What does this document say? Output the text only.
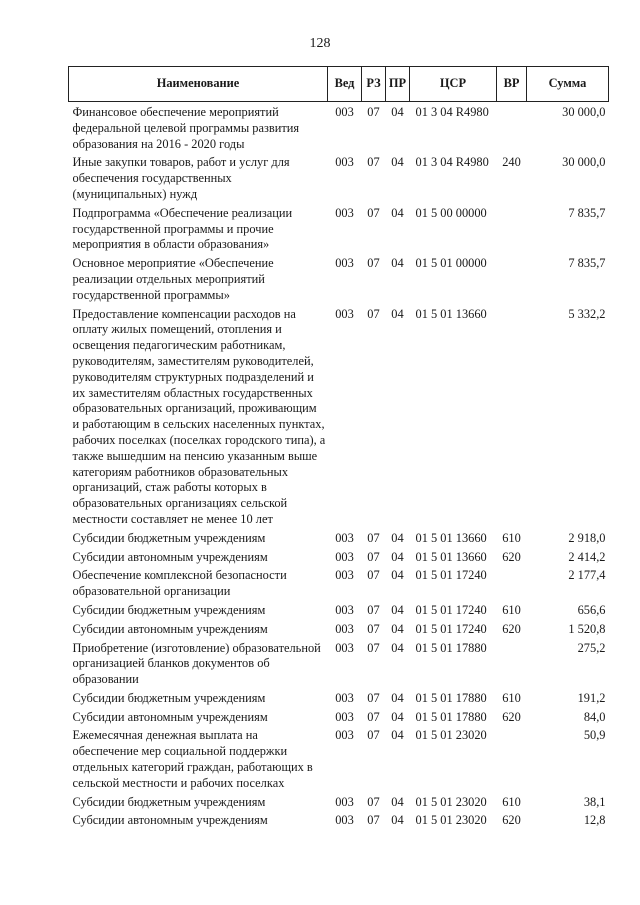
128
Наименование	Вед	РЗ	ПР	ЦСР	ВР	Сумма
Финансовое обеспечение мероприятий федеральной целевой программы развития образования на 2016 - 2020 годы	003	07	04	01 3 04 R4980		30 000,0
Иные закупки товаров, работ и услуг для обеспечения государственных (муниципальных) нужд	003	07	04	01 3 04 R4980	240	30 000,0
Подпрограмма «Обеспечение реализации государственной программы и прочие мероприятия в области образования»	003	07	04	01 5 00 00000		7 835,7
Основное мероприятие «Обеспечение реализации отдельных мероприятий государственной программы»	003	07	04	01 5 01 00000		7 835,7
Предоставление компенсации расходов на оплату жилых помещений, отопления и освещения педагогическим работникам, руководителям, заместителям руководителей, руководителям структурных подразделений и их заместителям областных государственных образовательных организаций, проживающим и работающим в сельских населенных пунктах, рабочих поселках (поселках городского типа), а также вышедшим на пенсию указанным выше категориям работников образовательных организаций, стаж работы которых в образовательных организациях сельской местности составляет не менее 10 лет	003	07	04	01 5 01 13660		5 332,2
Субсидии бюджетным учреждениям	003	07	04	01 5 01 13660	610	2 918,0
Субсидии автономным учреждениям	003	07	04	01 5 01 13660	620	2 414,2
Обеспечение комплексной безопасности образовательной организации	003	07	04	01 5 01 17240		2 177,4
Субсидии бюджетным учреждениям	003	07	04	01 5 01 17240	610	656,6
Субсидии автономным учреждениям	003	07	04	01 5 01 17240	620	1 520,8
Приобретение (изготовление) образовательной организацией бланков документов об образовании	003	07	04	01 5 01 17880		275,2
Субсидии бюджетным учреждениям	003	07	04	01 5 01 17880	610	191,2
Субсидии автономным учреждениям	003	07	04	01 5 01 17880	620	84,0
Ежемесячная денежная выплата на обеспечение мер социальной поддержки отдельных категорий граждан, работающих в сельской местности и рабочих поселках	003	07	04	01 5 01 23020		50,9
Субсидии бюджетным учреждениям	003	07	04	01 5 01 23020	610	38,1
Субсидии автономным учреждениям	003	07	04	01 5 01 23020	620	12,8
